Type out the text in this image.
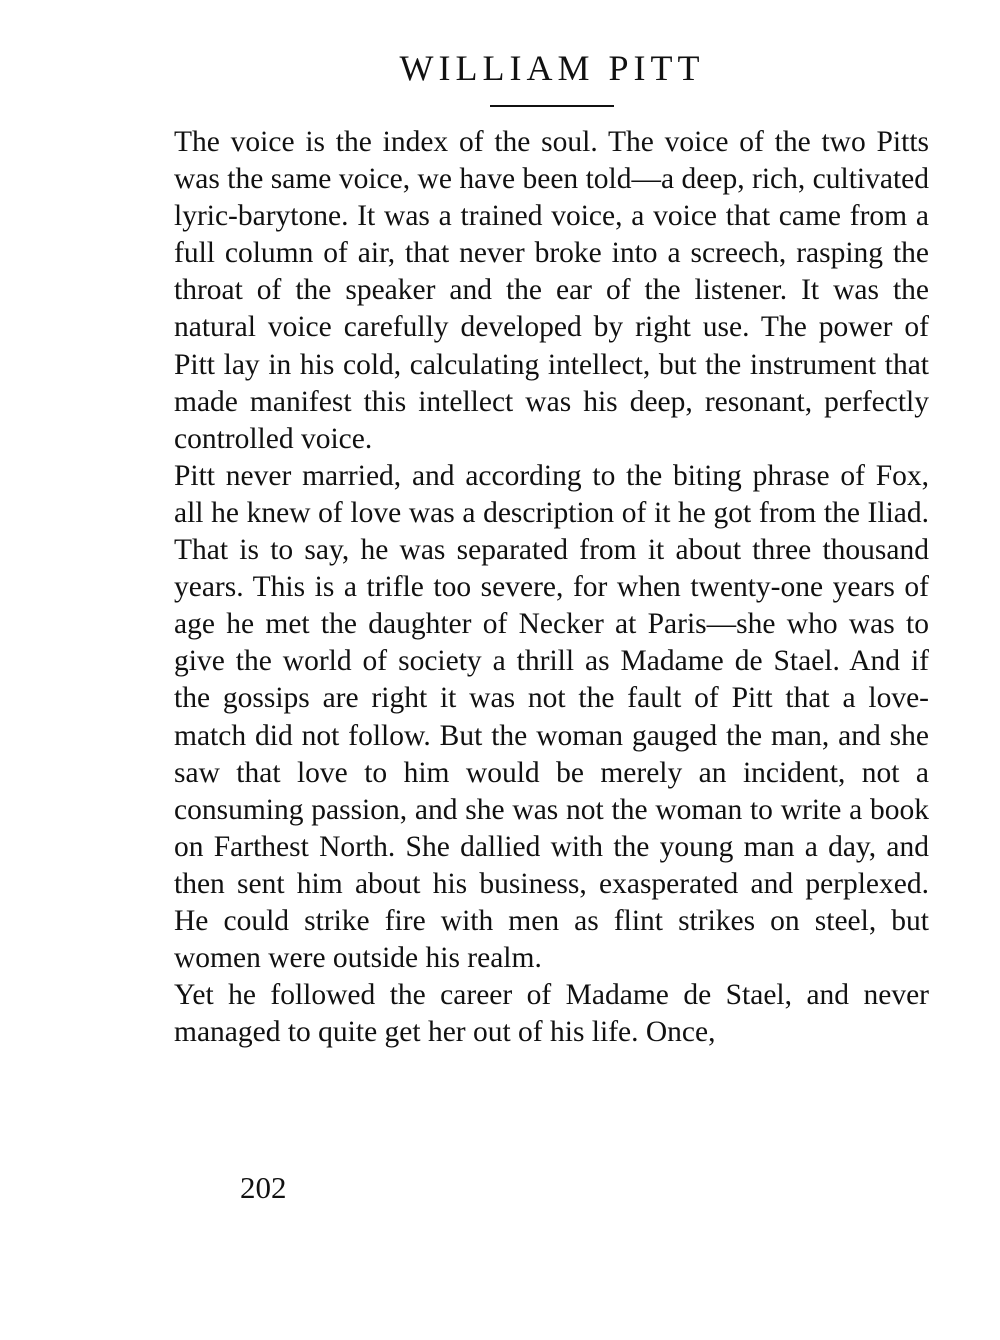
WILLIAM PITT

The voice is the index of the soul. The voice of the two Pitts was the same voice, we have been told—a deep, rich, cultivated lyric-barytone. It was a trained voice, a voice that came from a full column of air, that never broke into a screech, rasping the throat of the speaker and the ear of the listener. It was the natural voice carefully developed by right use. The power of Pitt lay in his cold, calculating intellect, but the instrument that made manifest this intellect was his deep, resonant, perfectly controlled voice.

Pitt never married, and according to the biting phrase of Fox, all he knew of love was a description of it he got from the Iliad. That is to say, he was separated from it about three thousand years. This is a trifle too severe, for when twenty-one years of age he met the daughter of Necker at Paris—she who was to give the world of society a thrill as Madame de Stael. And if the gossips are right it was not the fault of Pitt that a love-match did not follow. But the woman gauged the man, and she saw that love to him would be merely an incident, not a consuming passion, and she was not the woman to write a book on Farthest North. She dallied with the young man a day, and then sent him about his business, exasperated and perplexed. He could strike fire with men as flint strikes on steel, but women were outside his realm.

Yet he followed the career of Madame de Stael, and never managed to quite get her out of his life. Once,

202
